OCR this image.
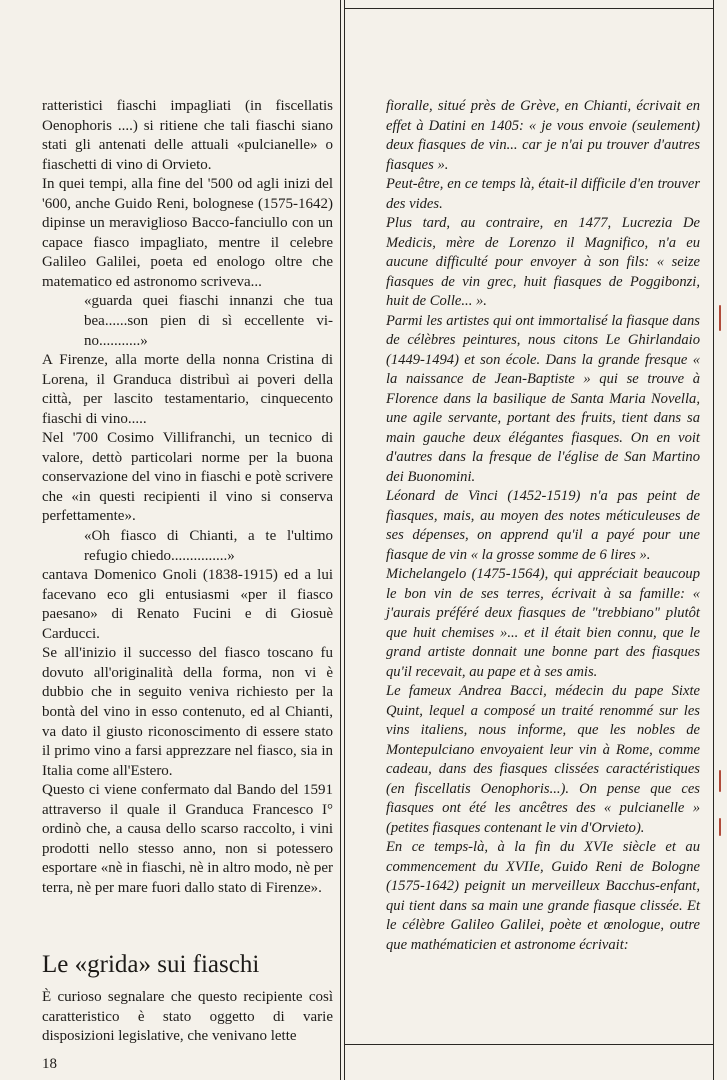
ratteristici fiaschi impagliati (in fiscellatis Oenophoris ....) si ritiene che tali fiaschi siano stati gli antenati delle attuali «pulcianelle» o fiaschetti di vino di Orvieto.

In quei tempi, alla fine del '500 od agli inizi del '600, anche Guido Reni, bolognese (1575-1642) dipinse un meraviglioso Bacco-fanciullo con un capace fiasco impagliato, mentre il celebre Galileo Galilei, poeta ed enologo oltre che matematico ed astronomo scriveva...

«guarda quei fiaschi innanzi che tua bea......son pien di sì eccellente vino...........»

A Firenze, alla morte della nonna Cristina di Lorena, il Granduca distribuì ai poveri della città, per lascito testamentario, cinquecento fiaschi di vino.....

Nel '700 Cosimo Villifranchi, un tecnico di valore, dettò particolari norme per la buona conservazione del vino in fiaschi e potè scrivere che «in questi recipienti il vino si conserva perfettamente».

«Oh fiasco di Chianti, a te l'ultimo refugio chiedo...............»

cantava Domenico Gnoli (1838-1915) ed a lui facevano eco gli entusiasmi «per il fiasco paesano» di Renato Fucini e di Giosuè Carducci.

Se all'inizio il successo del fiasco toscano fu dovuto all'originalità della forma, non vi è dubbio che in seguito veniva richiesto per la bontà del vino in esso contenuto, ed al Chianti, va dato il giusto riconoscimento di essere stato il primo vino a farsi apprezzare nel fiasco, sia in Italia come all'Estero.

Questo ci viene confermato dal Bando del 1591 attraverso il quale il Granduca Francesco I° ordinò che, a causa dello scarso raccolto, i vini prodotti nello stesso anno, non si potessero esportare «nè in fiaschi, nè in altro modo, nè per terra, nè per mare fuori dallo stato di Firenze».

Le «grida» sui fiaschi

È curioso segnalare che questo recipiente così caratteristico è stato oggetto di varie disposizioni legislative, che venivano lette

fioralle, situé près de Grève, en Chianti, écrivait en effet à Datini en 1405: « je vous envoie (seulement) deux fiasques de vin... car je n'ai pu trouver d'autres fiasques ».

Peut-être, en ce temps là, était-il difficile d'en trouver des vides.

Plus tard, au contraire, en 1477, Lucrezia De Medicis, mère de Lorenzo il Magnifico, n'a eu aucune difficulté pour envoyer à son fils: « seize fiasques de vin grec, huit fiasques de Poggibonzi, huit de Colle... ».

Parmi les artistes qui ont immortalisé la fiasque dans de célèbres peintures, nous citons Le Ghirlandaio (1449-1494) et son école. Dans la grande fresque « la naissance de Jean-Baptiste » qui se trouve à Florence dans la basilique de Santa Maria Novella, une agile servante, portant des fruits, tient dans sa main gauche deux élégantes fiasques. On en voit d'autres dans la fresque de l'église de San Martino dei Buonomini.

Léonard de Vinci (1452-1519) n'a pas peint de fiasques, mais, au moyen des notes méticuleuses de ses dépenses, on apprend qu'il a payé pour une fiasque de vin « la grosse somme de 6 lires ».

Michelangelo (1475-1564), qui appréciait beaucoup le bon vin de ses terres, écrivait à sa famille: « j'aurais préféré deux fiasques de "trebbiano" plutôt que huit chemises »... et il était bien connu, que le grand artiste donnait une bonne part des fiasques qu'il recevait, au pape et à ses amis.

Le fameux Andrea Bacci, médecin du pape Sixte Quint, lequel a composé un traité renommé sur les vins italiens, nous informe, que les nobles de Montepulciano envoyaient leur vin à Rome, comme cadeau, dans des fiasques clissées caractéristiques (en fiscellatis Oenophoris...). On pense que ces fiasques ont été les ancêtres des « pulcianelle » (petites fiasques contenant le vin d'Orvieto).

En ce temps-là, à la fin du XVIe siècle et au commencement du XVIIe, Guido Reni de Bologne (1575-1642) peignit un merveilleux Bacchus-enfant, qui tient dans sa main une grande fiasque clissée. Et le célèbre Galileo Galilei, poète et œnologue, outre que mathématicien et astronome écrivait:

18
